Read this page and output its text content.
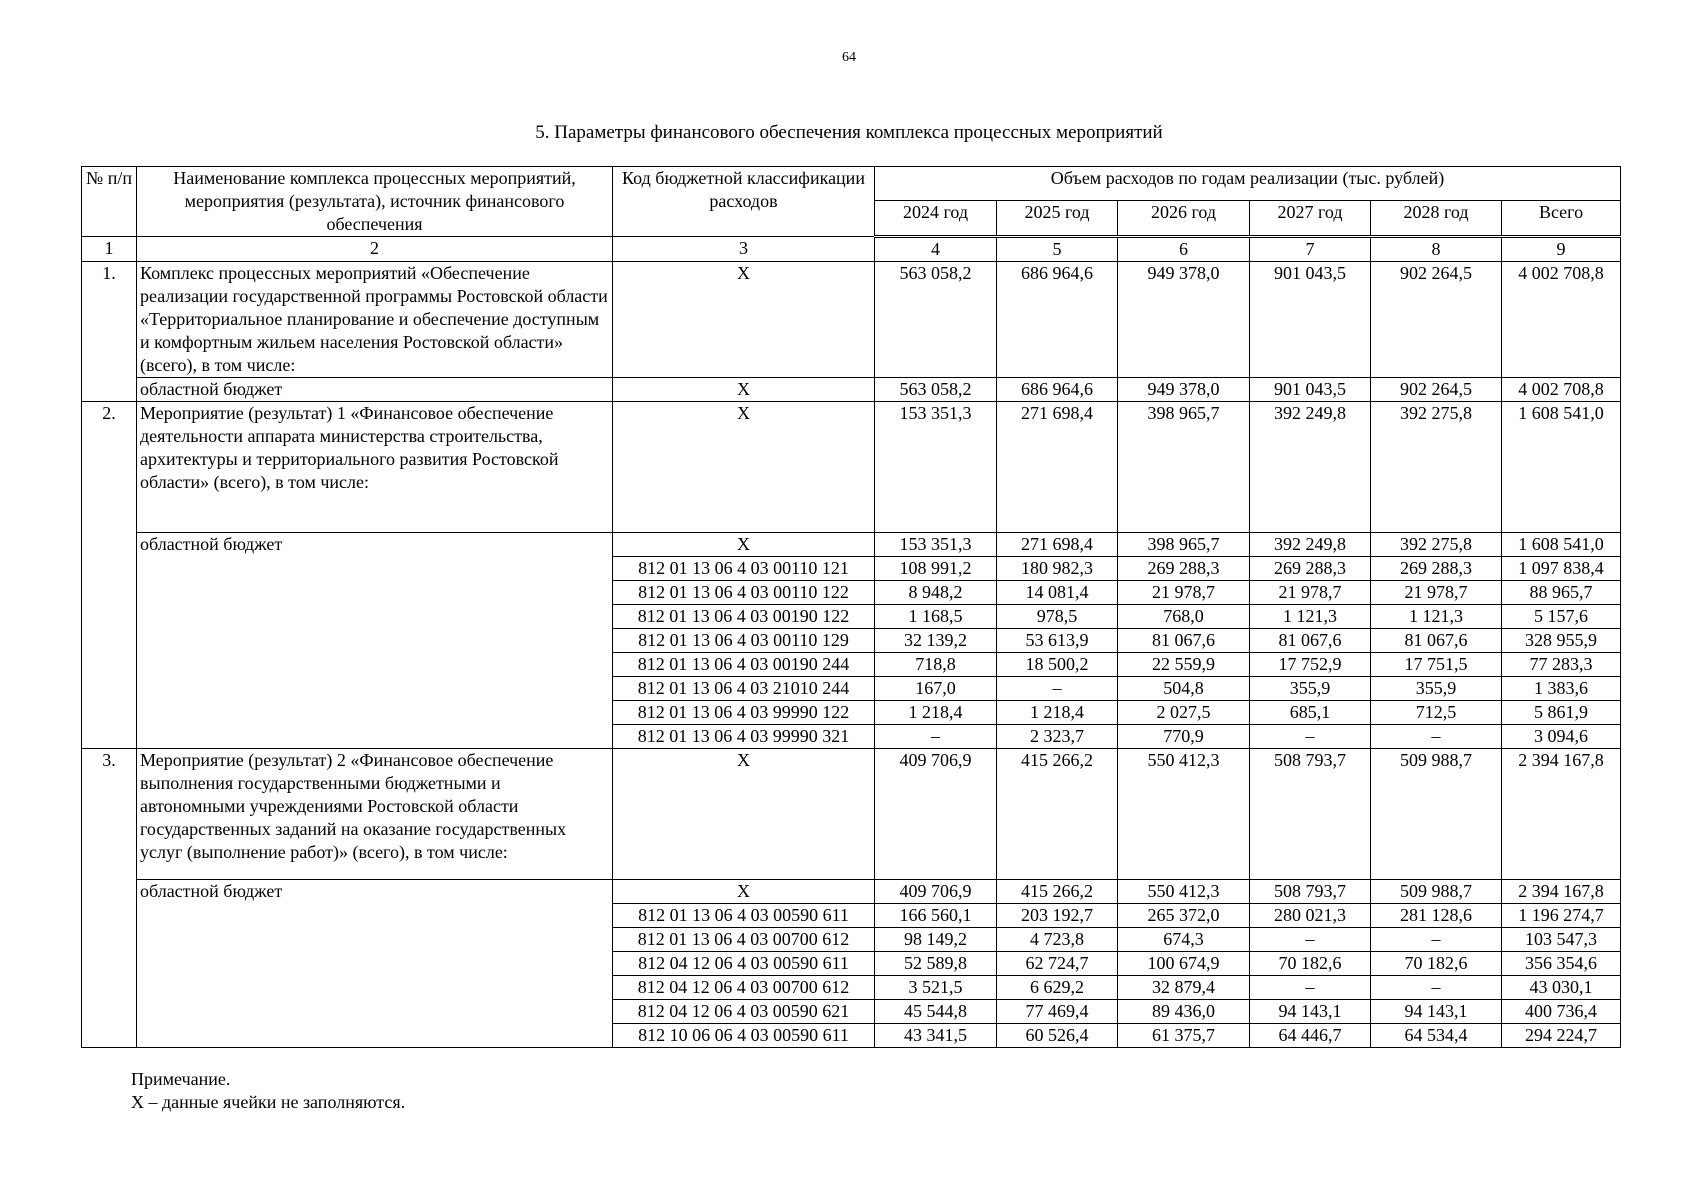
64
5. Параметры финансового обеспечения комплекса процессных мероприятий
№ п/п	Наименование комплекса процессных мероприятий, мероприятия (результата), источник финансового обеспечения	Код бюджетной классификации расходов	Объем расходов по годам реализации (тыс. рублей)					
			2024 год	2025 год	2026 год	2027 год	2028 год	Всего
1	2	3	4	5	6	7	8	9
1.	Комплекс процессных мероприятий «Обеспечение реализации государственной программы Ростовской области «Территориальное планирование и обеспечение доступным и комфортным жильем населения Ростовской области» (всего), в том числе:	X	563 058,2	686 964,6	949 378,0	901 043,5	902 264,5	4 002 708,8
	областной бюджет	X	563 058,2	686 964,6	949 378,0	901 043,5	902 264,5	4 002 708,8
2.	Мероприятие (результат) 1 «Финансовое обеспечение деятельности аппарата министерства строительства, архитектуры и территориального развития Ростовской области» (всего), в том числе:	X	153 351,3	271 698,4	398 965,7	392 249,8	392 275,8	1 608 541,0
	областной бюджет	X	153 351,3	271 698,4	398 965,7	392 249,8	392 275,8	1 608 541,0
		812 01 13 06 4 03 00110 121	108 991,2	180 982,3	269 288,3	269 288,3	269 288,3	1 097 838,4
		812 01 13 06 4 03 00110 122	8 948,2	14 081,4	21 978,7	21 978,7	21 978,7	88 965,7
		812 01 13 06 4 03 00190 122	1 168,5	978,5	768,0	1 121,3	1 121,3	5 157,6
		812 01 13 06 4 03 00110 129	32 139,2	53 613,9	81 067,6	81 067,6	81 067,6	328 955,9
		812 01 13 06 4 03 00190 244	718,8	18 500,2	22 559,9	17 752,9	17 751,5	77 283,3
		812 01 13 06 4 03 21010 244	167,0	–	504,8	355,9	355,9	1 383,6
		812 01 13 06 4 03 99990 122	1 218,4	1 218,4	2 027,5	685,1	712,5	5 861,9
		812 01 13 06 4 03 99990 321	–	2 323,7	770,9	–	–	3 094,6
3.	Мероприятие (результат) 2 «Финансовое обеспечение выполнения государственными бюджетными и автономными учреждениями Ростовской области государственных заданий на оказание государственных услуг (выполнение работ)» (всего), в том числе:	X	409 706,9	415 266,2	550 412,3	508 793,7	509 988,7	2 394 167,8
	областной бюджет	X	409 706,9	415 266,2	550 412,3	508 793,7	509 988,7	2 394 167,8
		812 01 13 06 4 03 00590 611	166 560,1	203 192,7	265 372,0	280 021,3	281 128,6	1 196 274,7
		812 01 13 06 4 03 00700 612	98 149,2	4 723,8	674,3	–	–	103 547,3
		812 04 12 06 4 03 00590 611	52 589,8	62 724,7	100 674,9	70 182,6	70 182,6	356 354,6
		812 04 12 06 4 03 00700 612	3 521,5	6 629,2	32 879,4	–	–	43 030,1
		812 04 12 06 4 03 00590 621	45 544,8	77 469,4	89 436,0	94 143,1	94 143,1	400 736,4
		812 10 06 06 4 03 00590 611	43 341,5	60 526,4	61 375,7	64 446,7	64 534,4	294 224,7
Примечание.
Х – данные ячейки не заполняются.
